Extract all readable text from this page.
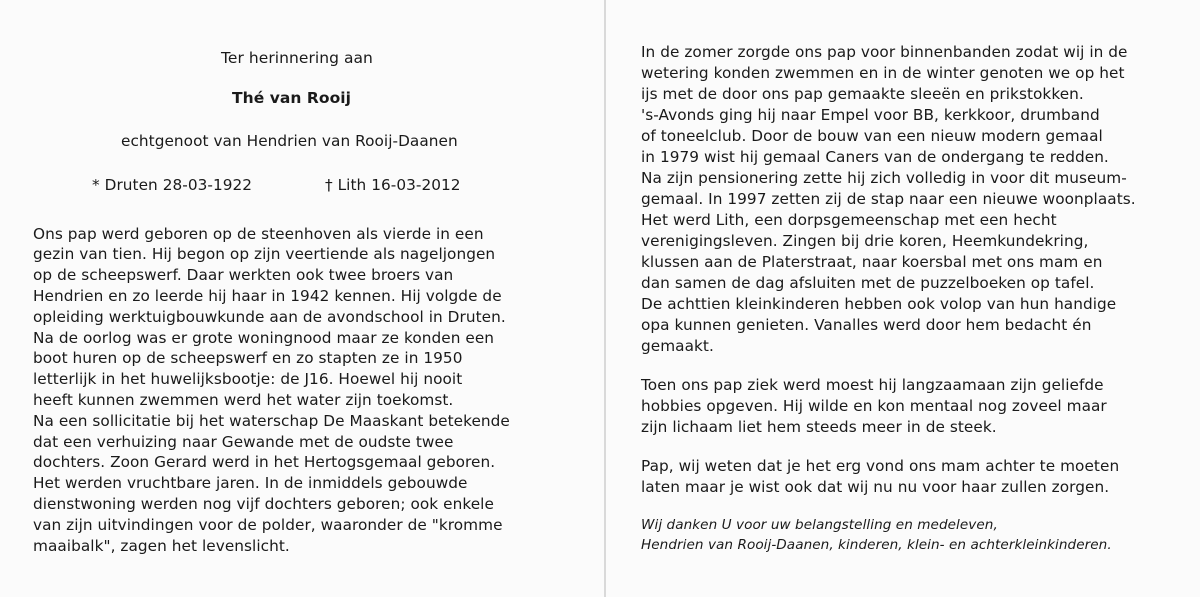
Ter herinnering aan
Thé van Rooij
echtgenoot van Hendrien van Rooij-Daanen
* Druten 28-03-1922	† Lith 16-03-2012
Ons pap werd geboren op de steenhoven als vierde in een
gezin van tien. Hij begon op zijn veertiende als nageljongen
op de scheepswerf. Daar werkten ook twee broers van
Hendrien en zo leerde hij haar in 1942 kennen. Hij volgde de
opleiding werktuigbouwkunde aan de avondschool in Druten.
Na de oorlog was er grote woningnood maar ze konden een
boot huren op de scheepswerf en zo stapten ze in 1950
letterlijk in het huwelijksbootje: de J16. Hoewel hij nooit
heeft kunnen zwemmen werd het water zijn toekomst.
Na een sollicitatie bij het waterschap De Maaskant betekende
dat een verhuizing naar Gewande met de oudste twee
dochters. Zoon Gerard werd in het Hertogsgemaal geboren.
Het werden vruchtbare jaren. In de inmiddels gebouwde
dienstwoning werden nog vijf dochters geboren; ook enkele
van zijn uitvindingen voor de polder, waaronder de "kromme
maaibalk", zagen het levenslicht.
In de zomer zorgde ons pap voor binnenbanden zodat wij in de
wetering konden zwemmen en in de winter genoten we op het
ijs met de door ons pap gemaakte sleeën en prikstokken.
's-Avonds ging hij naar Empel voor BB, kerkkoor, drumband
of toneelclub. Door de bouw van een nieuw modern gemaal
in 1979 wist hij gemaal Caners van de ondergang te redden.
Na zijn pensionering zette hij zich volledig in voor dit museum-
gemaal. In 1997 zetten zij de stap naar een nieuwe woonplaats.
Het werd Lith, een dorpsgemeenschap met een hecht
verenigingsleven. Zingen bij drie koren, Heemkundekring,
klussen aan de Platerstraat, naar koersbal met ons mam en
dan samen de dag afsluiten met de puzzelboeken op tafel.
De achttien kleinkinderen hebben ook volop van hun handige
opa kunnen genieten. Vanalles werd door hem bedacht én
gemaakt.
Toen ons pap ziek werd moest hij langzaamaan zijn geliefde
hobbies opgeven. Hij wilde en kon mentaal nog zoveel maar
zijn lichaam liet hem steeds meer in de steek.
Pap, wij weten dat je het erg vond ons mam achter te moeten
laten maar je wist ook dat wij nu nu voor haar zullen zorgen.
Wij danken U voor uw belangstelling en medeleven,
Hendrien van Rooij-Daanen, kinderen, klein- en achterkleinkinderen.
